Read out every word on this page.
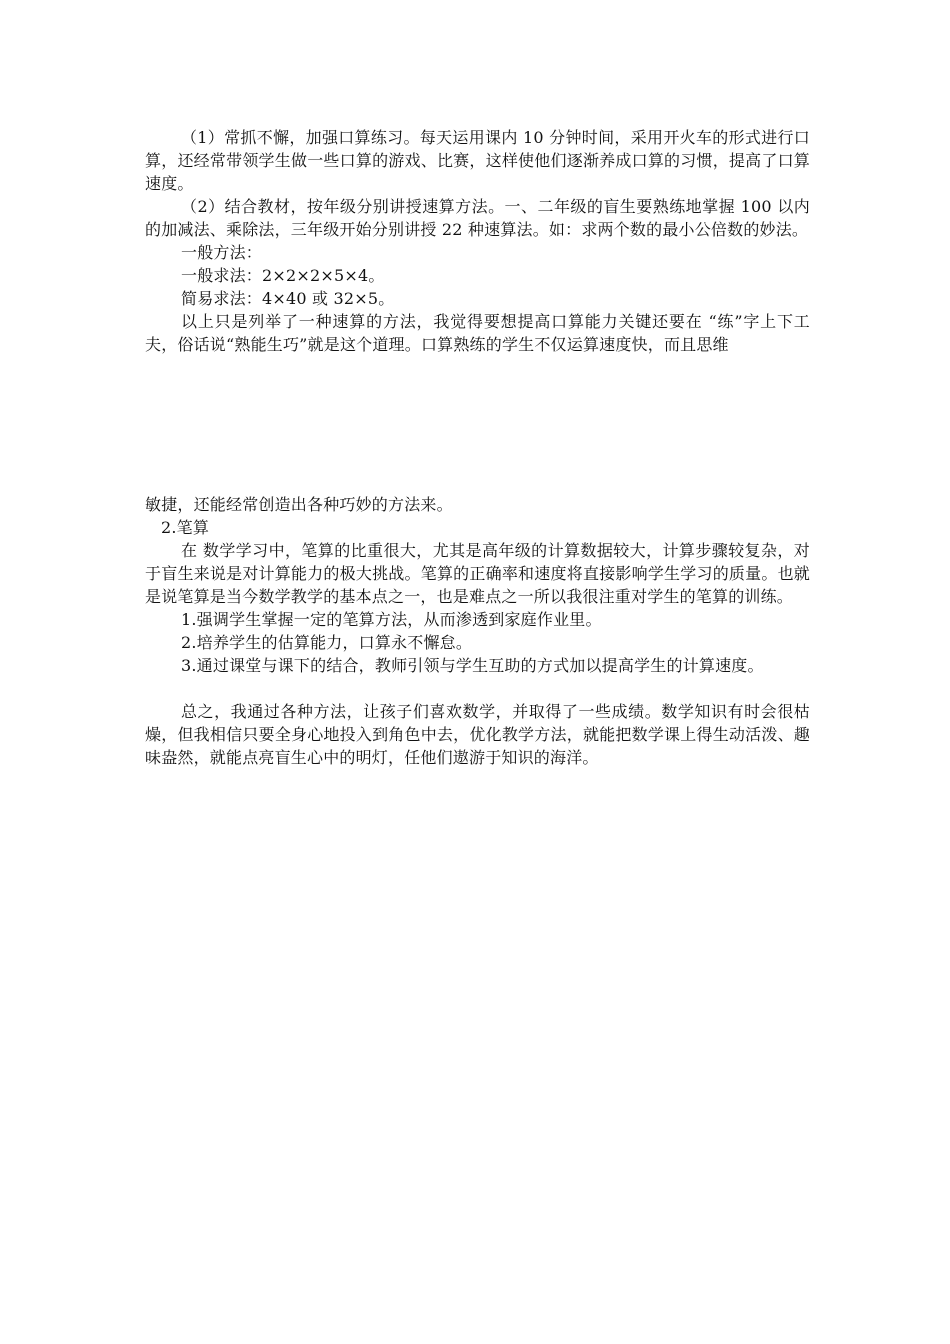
（1）常抓不懈，加强口算练习。每天运用课内 10 分钟时间，采用开火车的形式进行口算，还经常带领学生做一些口算的游戏、比赛，这样使他们逐渐养成口算的习惯，提高了口算速度。

（2）结合教材，按年级分别讲授速算方法。一、二年级的盲生要熟练地掌握 100 以内的加减法、乘除法，三年级开始分别讲授 22 种速算法。如：求两个数的最小公倍数的妙法。

一般方法：

一般求法：2×2×2×5×4。

简易求法：4×40 或 32×5。

以上只是列举了一种速算的方法，我觉得要想提高口算能力关键还要在 “练”字上下工夫，俗话说“熟能生巧”就是这个道理。口算熟练的学生不仅运算速度快，而且思维

敏捷，还能经常创造出各种巧妙的方法来。

2.笔算

在 数学学习中，笔算的比重很大，尤其是高年级的计算数据较大，计算步骤较复杂，对于盲生来说是对计算能力的极大挑战。笔算的正确率和速度将直接影响学生学习的质量。也就是说笔算是当今数学教学的基本点之一，也是难点之一所以我很注重对学生的笔算的训练。

1.强调学生掌握一定的笔算方法，从而渗透到家庭作业里。

2.培养学生的估算能力，口算永不懈怠。

3.通过课堂与课下的结合，教师引领与学生互助的方式加以提高学生的计算速度。

总之，我通过各种方法，让孩子们喜欢数学，并取得了一些成绩。数学知识有时会很枯燥，但我相信只要全身心地投入到角色中去，优化教学方法，就能把数学课上得生动活泼、趣味盎然，就能点亮盲生心中的明灯，任他们遨游于知识的海洋。
